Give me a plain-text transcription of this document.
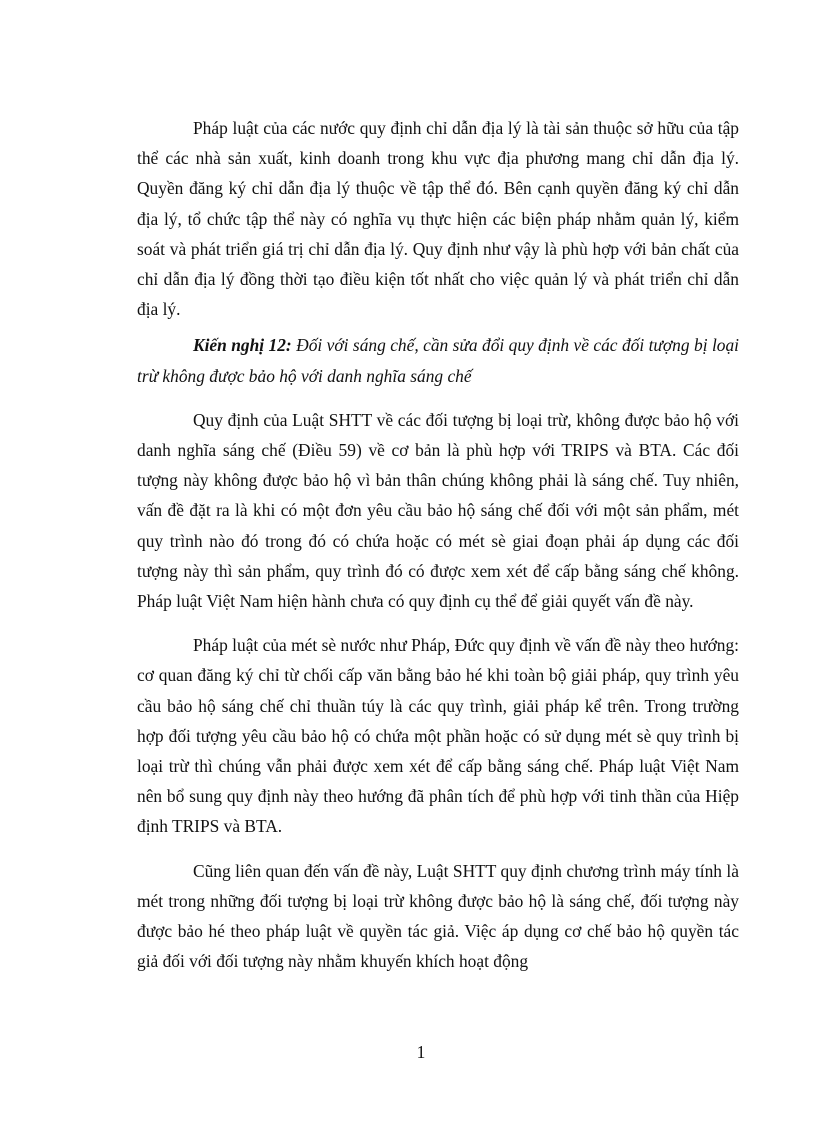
Pháp luật của các nước quy định chỉ dẫn địa lý là tài sản thuộc sở hữu của tập thể các nhà sản xuất, kinh doanh trong khu vực địa phương mang chỉ dẫn địa lý. Quyền đăng ký chỉ dẫn địa lý thuộc về tập thể đó. Bên cạnh quyền đăng ký chỉ dẫn địa lý, tổ chức tập thể này có nghĩa vụ thực hiện các biện pháp nhằm quản lý, kiểm soát và phát triển giá trị chỉ dẫn địa lý. Quy định như vậy là phù hợp với bản chất của chỉ dẫn địa lý đồng thời tạo điều kiện tốt nhất cho việc quản lý và phát triển chỉ dẫn địa lý.

Kiến nghị 12: Đối với sáng chế, cần sửa đổi quy định về các đối tượng bị loại trừ không được bảo hộ với danh nghĩa sáng chế

Quy định của Luật SHTT về các đối tượng bị loại trừ, không được bảo hộ với danh nghĩa sáng chế (Điều 59) về cơ bản là phù hợp với TRIPS và BTA. Các đối tượng này không được bảo hộ vì bản thân chúng không phải là sáng chế. Tuy nhiên, vấn đề đặt ra là khi có một đơn yêu cầu bảo hộ sáng chế đối với một sản phẩm, mét quy trình nào đó trong đó có chứa hoặc có mét sè giai đoạn phải áp dụng các đối tượng này thì sản phẩm, quy trình đó có được xem xét để cấp bằng sáng chế không. Pháp luật Việt Nam hiện hành chưa có quy định cụ thể để giải quyết vấn đề này.

Pháp luật của mét sè nước như Pháp, Đức quy định về vấn đề này theo hướng: cơ quan đăng ký chỉ từ chối cấp văn bằng bảo hé khi toàn bộ giải pháp, quy trình yêu cầu bảo hộ sáng chế chỉ thuần túy là các quy trình, giải pháp kể trên. Trong trường hợp đối tượng yêu cầu bảo hộ có chứa một phần hoặc có sử dụng mét sè quy trình bị loại trừ thì chúng vẫn phải được xem xét để cấp bằng sáng chế. Pháp luật Việt Nam nên bổ sung quy định này theo hướng đã phân tích để phù hợp với tinh thần của Hiệp định TRIPS và BTA.

Cũng liên quan đến vấn đề này, Luật SHTT quy định chương trình máy tính là mét trong những đối tượng bị loại trừ không được bảo hộ là sáng chế, đối tượng này được bảo hé theo pháp luật về quyền tác giả. Việc áp dụng cơ chế bảo hộ quyền tác giả đối với đối tượng này nhằm khuyến khích hoạt động

1
